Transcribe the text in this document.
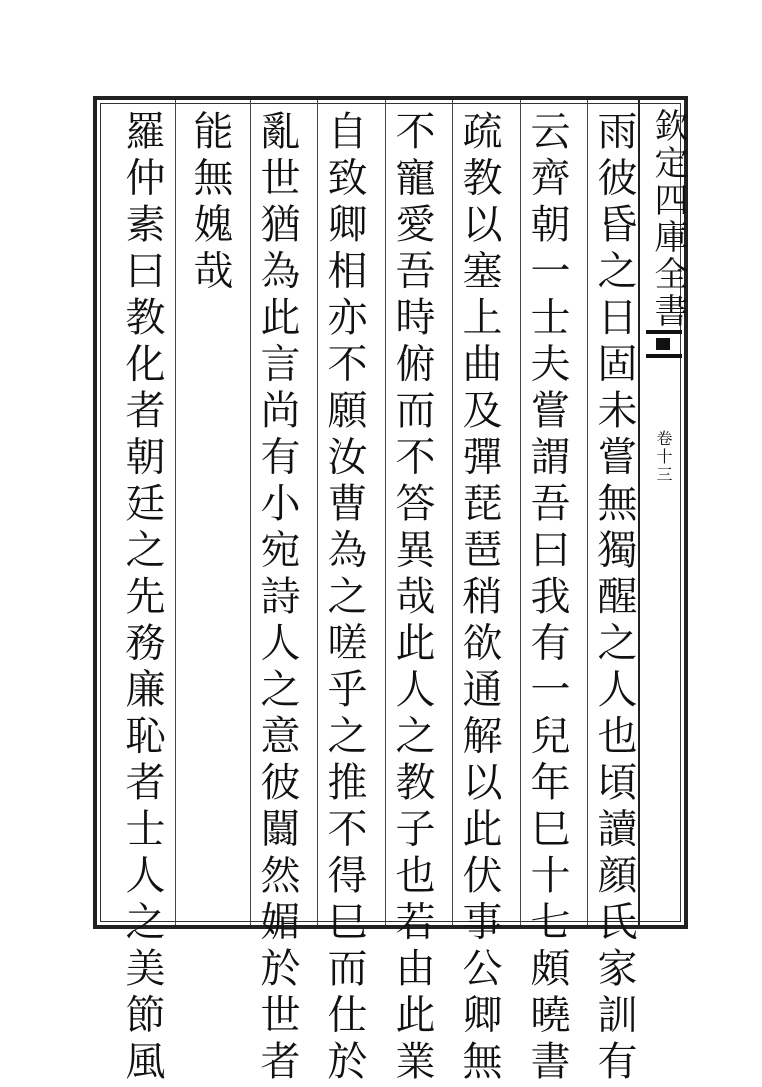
欽定四庫全書
卷十三
雨彼昏之日固未嘗無獨醒之人也頃讀顔氏家訓有
云齊朝一士夫嘗謂吾曰我有一兒年巳十七頗曉書
疏教以塞上曲及彈琵琶稍欲通解以此伏事公卿無
不寵愛吾時俯而不答異哉此人之教子也若由此業
自致卿相亦不願汝曹為之嗟乎之推不得巳而仕於
亂世猶為此言尚有小宛詩人之意彼闒然媚於世者
能無媿哉
羅仲素曰教化者朝廷之先務廉恥者士人之美節風
